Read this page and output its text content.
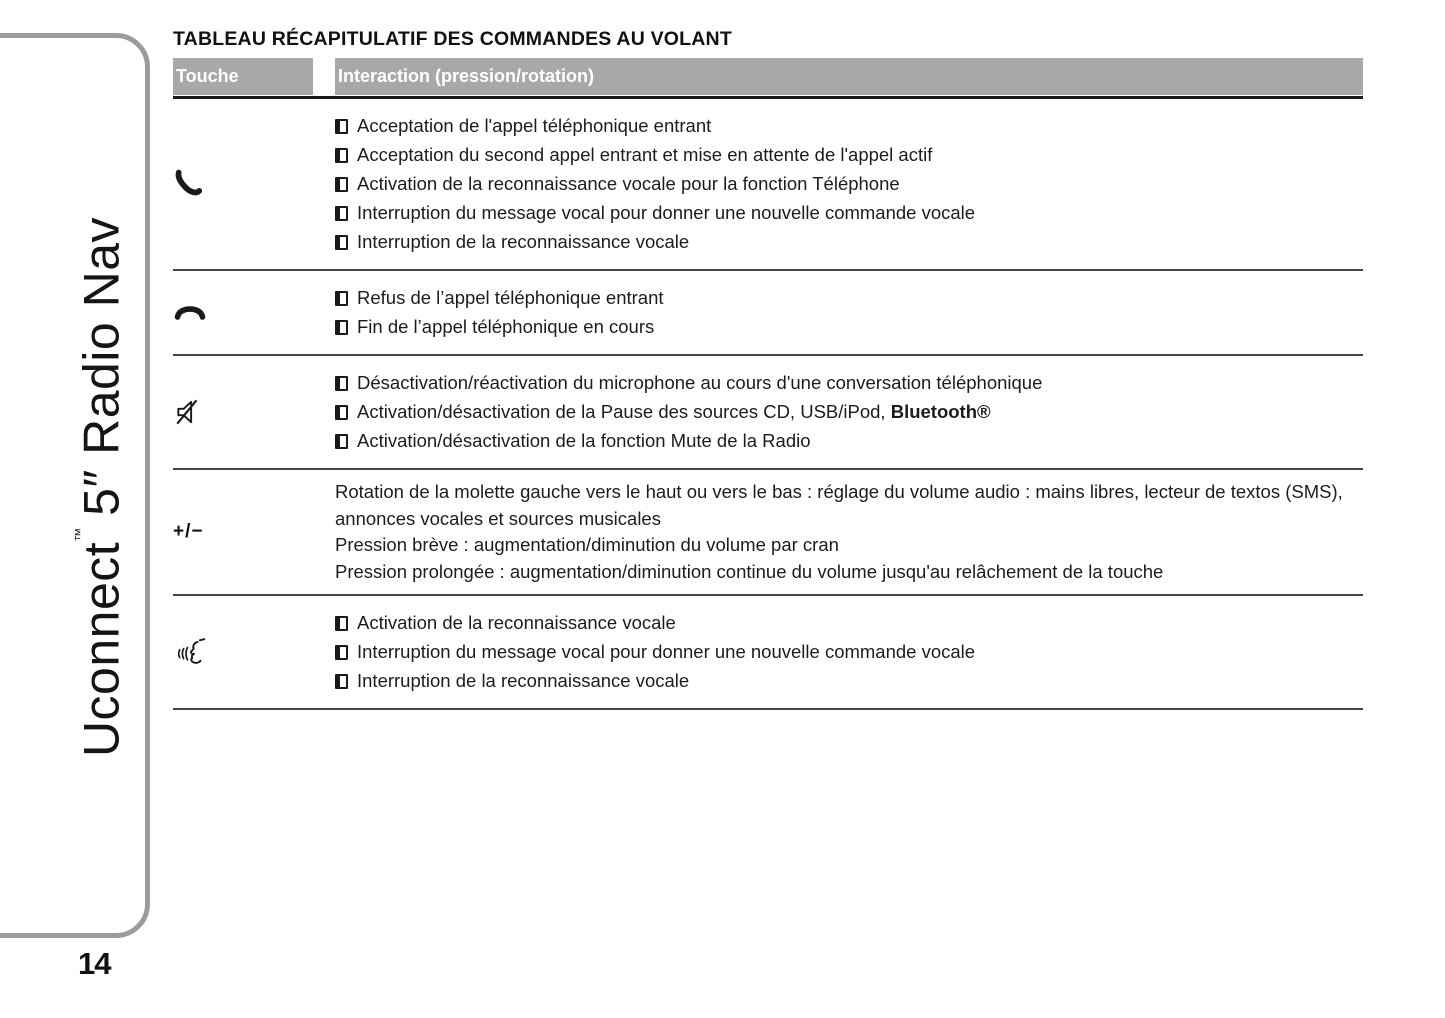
Uconnect™5″ Radio Nav
14
TABLEAU RÉCAPITULATIF DES COMMANDES AU VOLANT
Touche	Interaction (pression/rotation)
Acceptation de l'appel téléphonique entrant
Acceptation du second appel entrant et mise en attente de l'appel actif
Activation de la reconnaissance vocale pour la fonction Téléphone
Interruption du message vocal pour donner une nouvelle commande vocale
Interruption de la reconnaissance vocale
Refus de l’appel téléphonique entrant
Fin de l’appel téléphonique en cours
Désactivation/réactivation du microphone au cours d'une conversation téléphonique
Activation/désactivation de la Pause des sources CD, USB/iPod, Bluetooth®
Activation/désactivation de la fonction Mute de la Radio
+/−

Rotation de la molette gauche vers le haut ou vers le bas : réglage du volume audio : mains libres, lecteur de textos (SMS), annonces vocales et sources musicales

Pression brève : augmentation/diminution du volume par cran

Pression prolongée : augmentation/diminution continue du volume jusqu'au relâchement de la touche

Activation de la reconnaissance vocale
Interruption du message vocal pour donner une nouvelle commande vocale
Interruption de la reconnaissance vocale
